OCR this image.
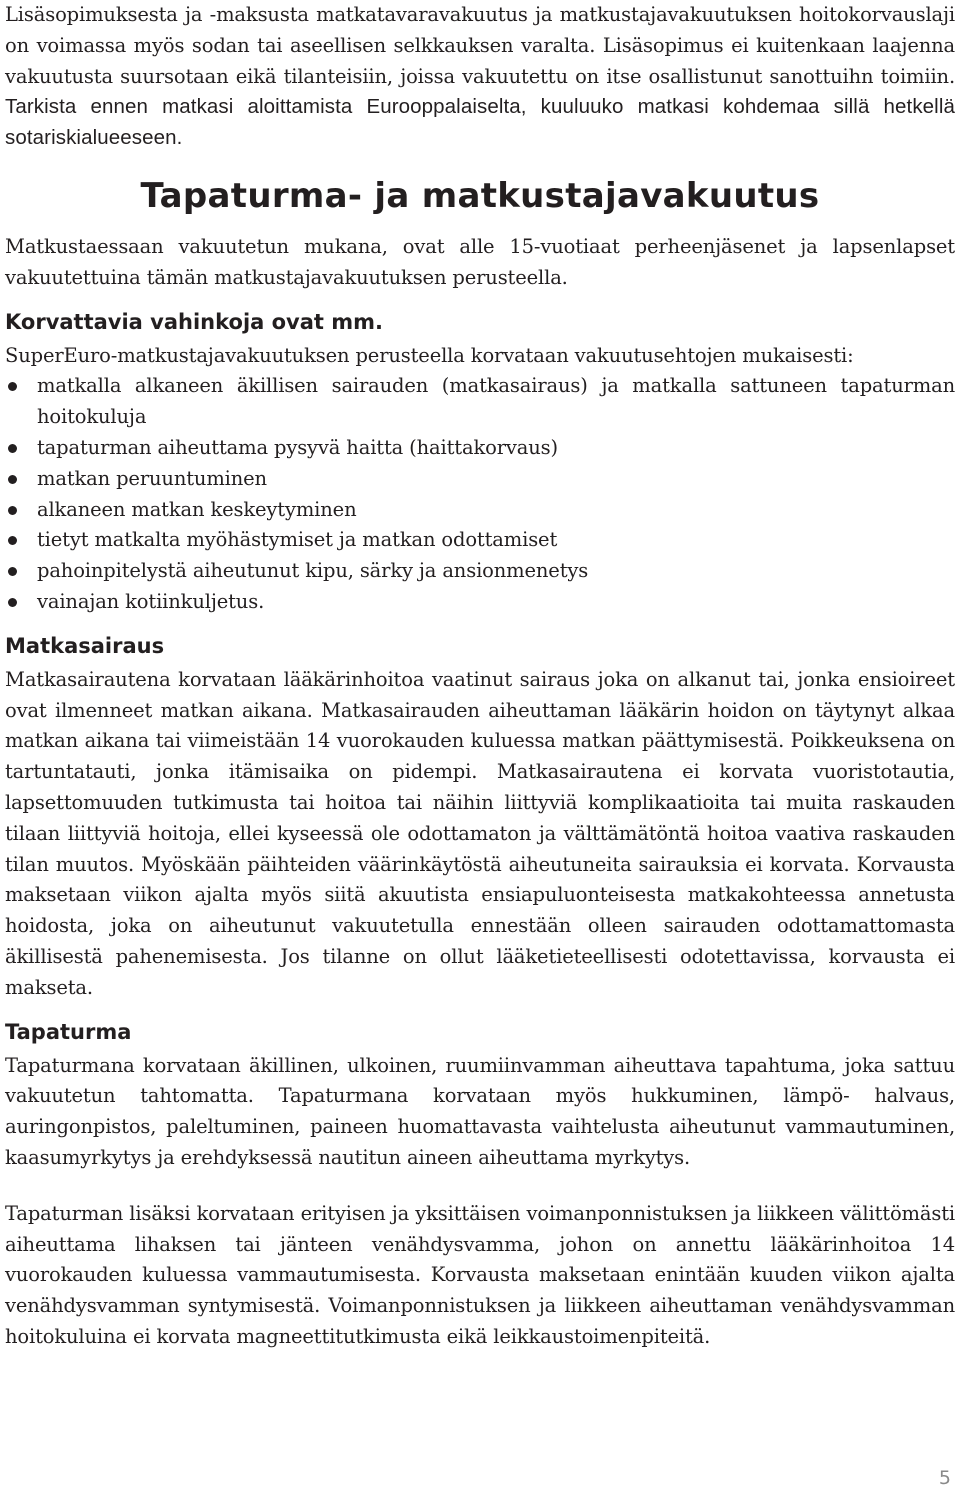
Lisäsopimuksesta ja -maksusta matkatavaravakuutus ja matkustajavakuutuksen hoitokorvauslaji on voimassa myös sodan tai aseellisen selkkauksen varalta. Lisäsopimus ei kuitenkaan laajenna vakuutusta suursotaan eikä tilanteisiin, joissa vakuutettu on itse osallistunut sanottuihn toimiin. Tarkista ennen matkasi aloittamista Eurooppalaiselta, kuuluuko matkasi kohdemaa sillä hetkellä sotariskialueeseen.

Tapaturma- ja matkustajavakuutus

Matkustaessaan vakuutetun mukana, ovat alle 15-vuotiaat perheenjäsenet ja lapsenlapset vakuutettuina tämän matkustajavakuutuksen perusteella.

Korvattavia vahinkoja ovat mm.

SuperEuro-matkustajavakuutuksen perusteella korvataan vakuutusehtojen mukaisesti:

matkalla alkaneen äkillisen sairauden (matkasairaus) ja matkalla sattuneen tapaturman hoitokuluja
tapaturman aiheuttama pysyvä haitta (haittakorvaus)
matkan peruuntuminen
alkaneen matkan keskeytyminen
tietyt matkalta myöhästymiset ja matkan odottamiset
pahoinpitelystä aiheutunut kipu, särky ja ansionmenetys
vainajan kotiinkuljetus.
Matkasairaus

Matkasairautena korvataan lääkärinhoitoa vaatinut sairaus joka on alkanut tai, jonka ensioireet ovat ilmenneet matkan aikana. Matkasairauden aiheuttaman lääkärin hoidon on täytynyt alkaa matkan aikana tai viimeistään 14 vuorokauden kuluessa matkan päättymisestä. Poikkeuksena on tartuntatauti, jonka itämisaika on pidempi. Matkasairautena ei korvata vuoristotautia, lapsettomuuden tutkimusta tai hoitoa tai näihin liittyviä komplikaatioita tai muita raskauden tilaan liittyviä hoitoja, ellei kyseessä ole odottamaton ja välttämätöntä hoitoa vaativa raskauden tilan muutos. Myöskään päihteiden väärinkäytöstä aiheutuneita sairauksia ei korvata. Korvausta maksetaan viikon ajalta myös siitä akuutista ensiapuluonteisesta matkakohteessa annetusta hoidosta, joka on aiheutunut vakuutetulla ennestään olleen sairauden odottamattomasta äkillisestä pahenemisesta. Jos tilanne on ollut lääketieteellisesti odotettavissa, korvausta ei makseta.

Tapaturma

Tapaturmana korvataan äkillinen, ulkoinen, ruumiinvamman aiheuttava tapahtuma, joka sattuu vakuutetun tahtomatta. Tapaturmana korvataan myös hukkuminen, lämpö- halvaus, auringonpistos, paleltuminen, paineen huomattavasta vaihtelusta aiheutunut vammautuminen, kaasumyrkytys ja erehdyksessä nautitun aineen aiheuttama myrkytys.

Tapaturman lisäksi korvataan erityisen ja yksittäisen voimanponnistuksen ja liikkeen välittömästi aiheuttama lihaksen tai jänteen venähdysvamma, johon on annettu lääkärinhoitoa 14 vuorokauden kuluessa vammautumisesta. Korvausta maksetaan enintään kuuden viikon ajalta venähdysvamman syntymisestä. Voimanponnistuksen ja liikkeen aiheuttaman venähdysvamman hoitokuluina ei korvata magneettitutkimusta eikä leikkaustoimenpiteitä.

5
